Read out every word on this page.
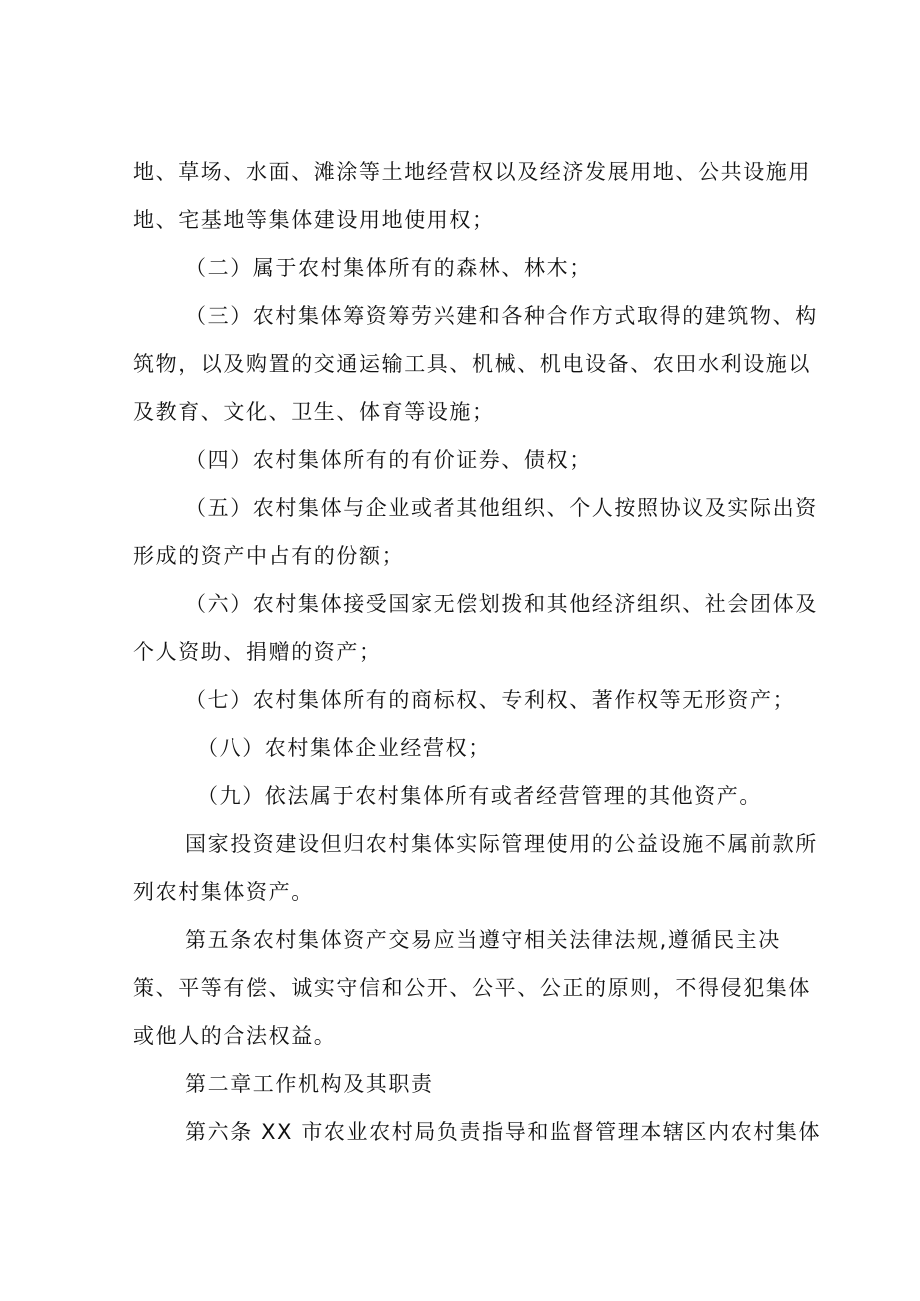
地、草场、水面、滩涂等土地经营权以及经济发展用地、公共设施用
地、宅基地等集体建设用地使用权；
（二）属于农村集体所有的森林、林木；
（三）农村集体筹资筹劳兴建和各种合作方式取得的建筑物、构
筑物，以及购置的交通运输工具、机械、机电设备、农田水利设施以
及教育、文化、卫生、体育等设施；
（四）农村集体所有的有价证券、债权；
（五）农村集体与企业或者其他组织、个人按照协议及实际出资
形成的资产中占有的份额；
（六）农村集体接受国家无偿划拨和其他经济组织、社会团体及
个人资助、捐赠的资产；
（七）农村集体所有的商标权、专利权、著作权等无形资产；
（八）农村集体企业经营权；
（九）依法属于农村集体所有或者经营管理的其他资产。
国家投资建设但归农村集体实际管理使用的公益设施不属前款所
列农村集体资产。
第五条农村集体资产交易应当遵守相关法律法规,遵循民主决
策、平等有偿、诚实守信和公开、公平、公正的原则，不得侵犯集体
或他人的合法权益。
第二章工作机构及其职责
第六条 XX 市农业农村局负责指导和监督管理本辖区内农村集体
